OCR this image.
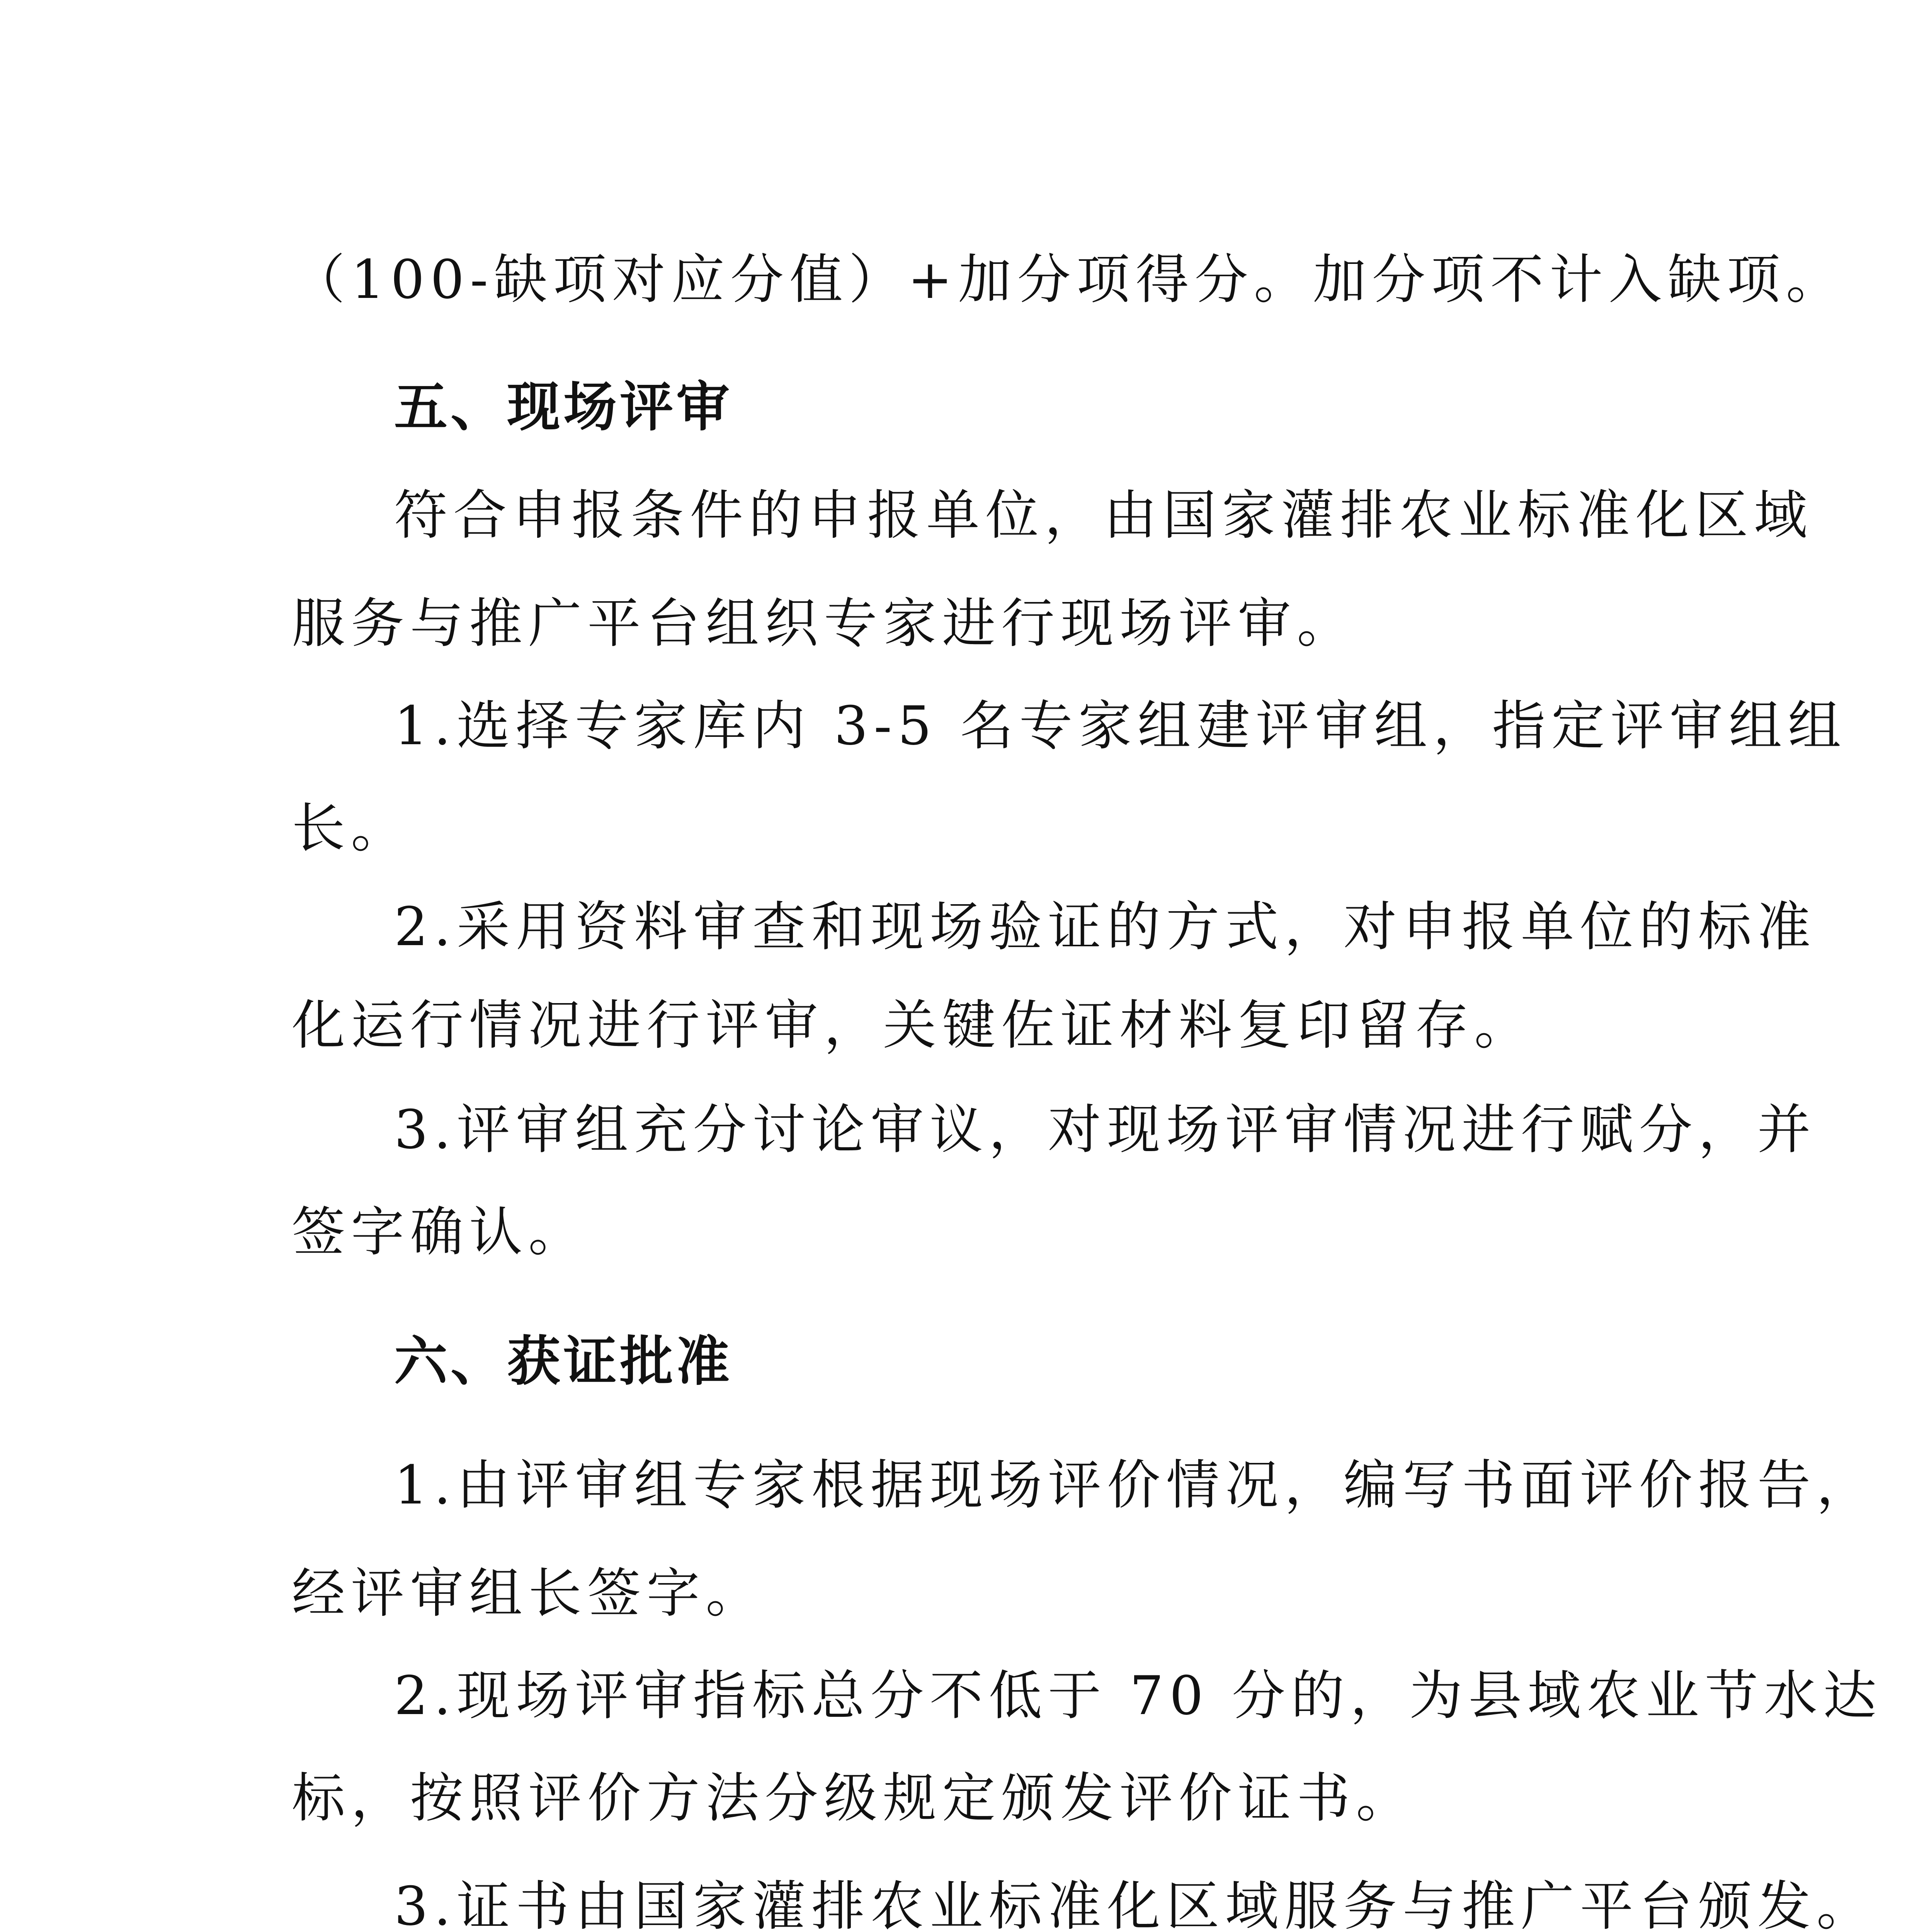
（100-缺项对应分值）+加分项得分。加分项不计入缺项。
五、现场评审
符合申报条件的申报单位，由国家灌排农业标准化区域
服务与推广平台组织专家进行现场评审。
1.选择专家库内 3-5 名专家组建评审组，指定评审组组
长。
2.采用资料审查和现场验证的方式，对申报单位的标准
化运行情况进行评审，关键佐证材料复印留存。
3.评审组充分讨论审议，对现场评审情况进行赋分，并
签字确认。
六、获证批准
1.由评审组专家根据现场评价情况，编写书面评价报告，
经评审组长签字。
2.现场评审指标总分不低于 70 分的，为县域农业节水达
标，按照评价方法分级规定颁发评价证书。
3.证书由国家灌排农业标准化区域服务与推广平台颁发。
